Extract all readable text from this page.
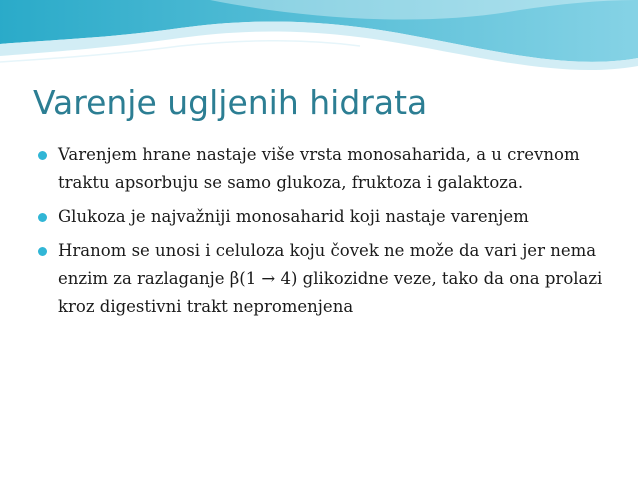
Varenje ugljenih hidrata
Varenjem hrane nastaje više vrsta monosaharida, a u crevnom traktu apsorbuju se samo glukoza, fruktoza i galaktoza.
Glukoza je najvažniji monosaharid koji nastaje varenjem
Hranom se unosi i celuloza koju čovek ne može da vari jer nema enzim za razlaganje β(1 → 4) glikozidne veze, tako da ona prolazi kroz digestivni trakt nepromenjena
